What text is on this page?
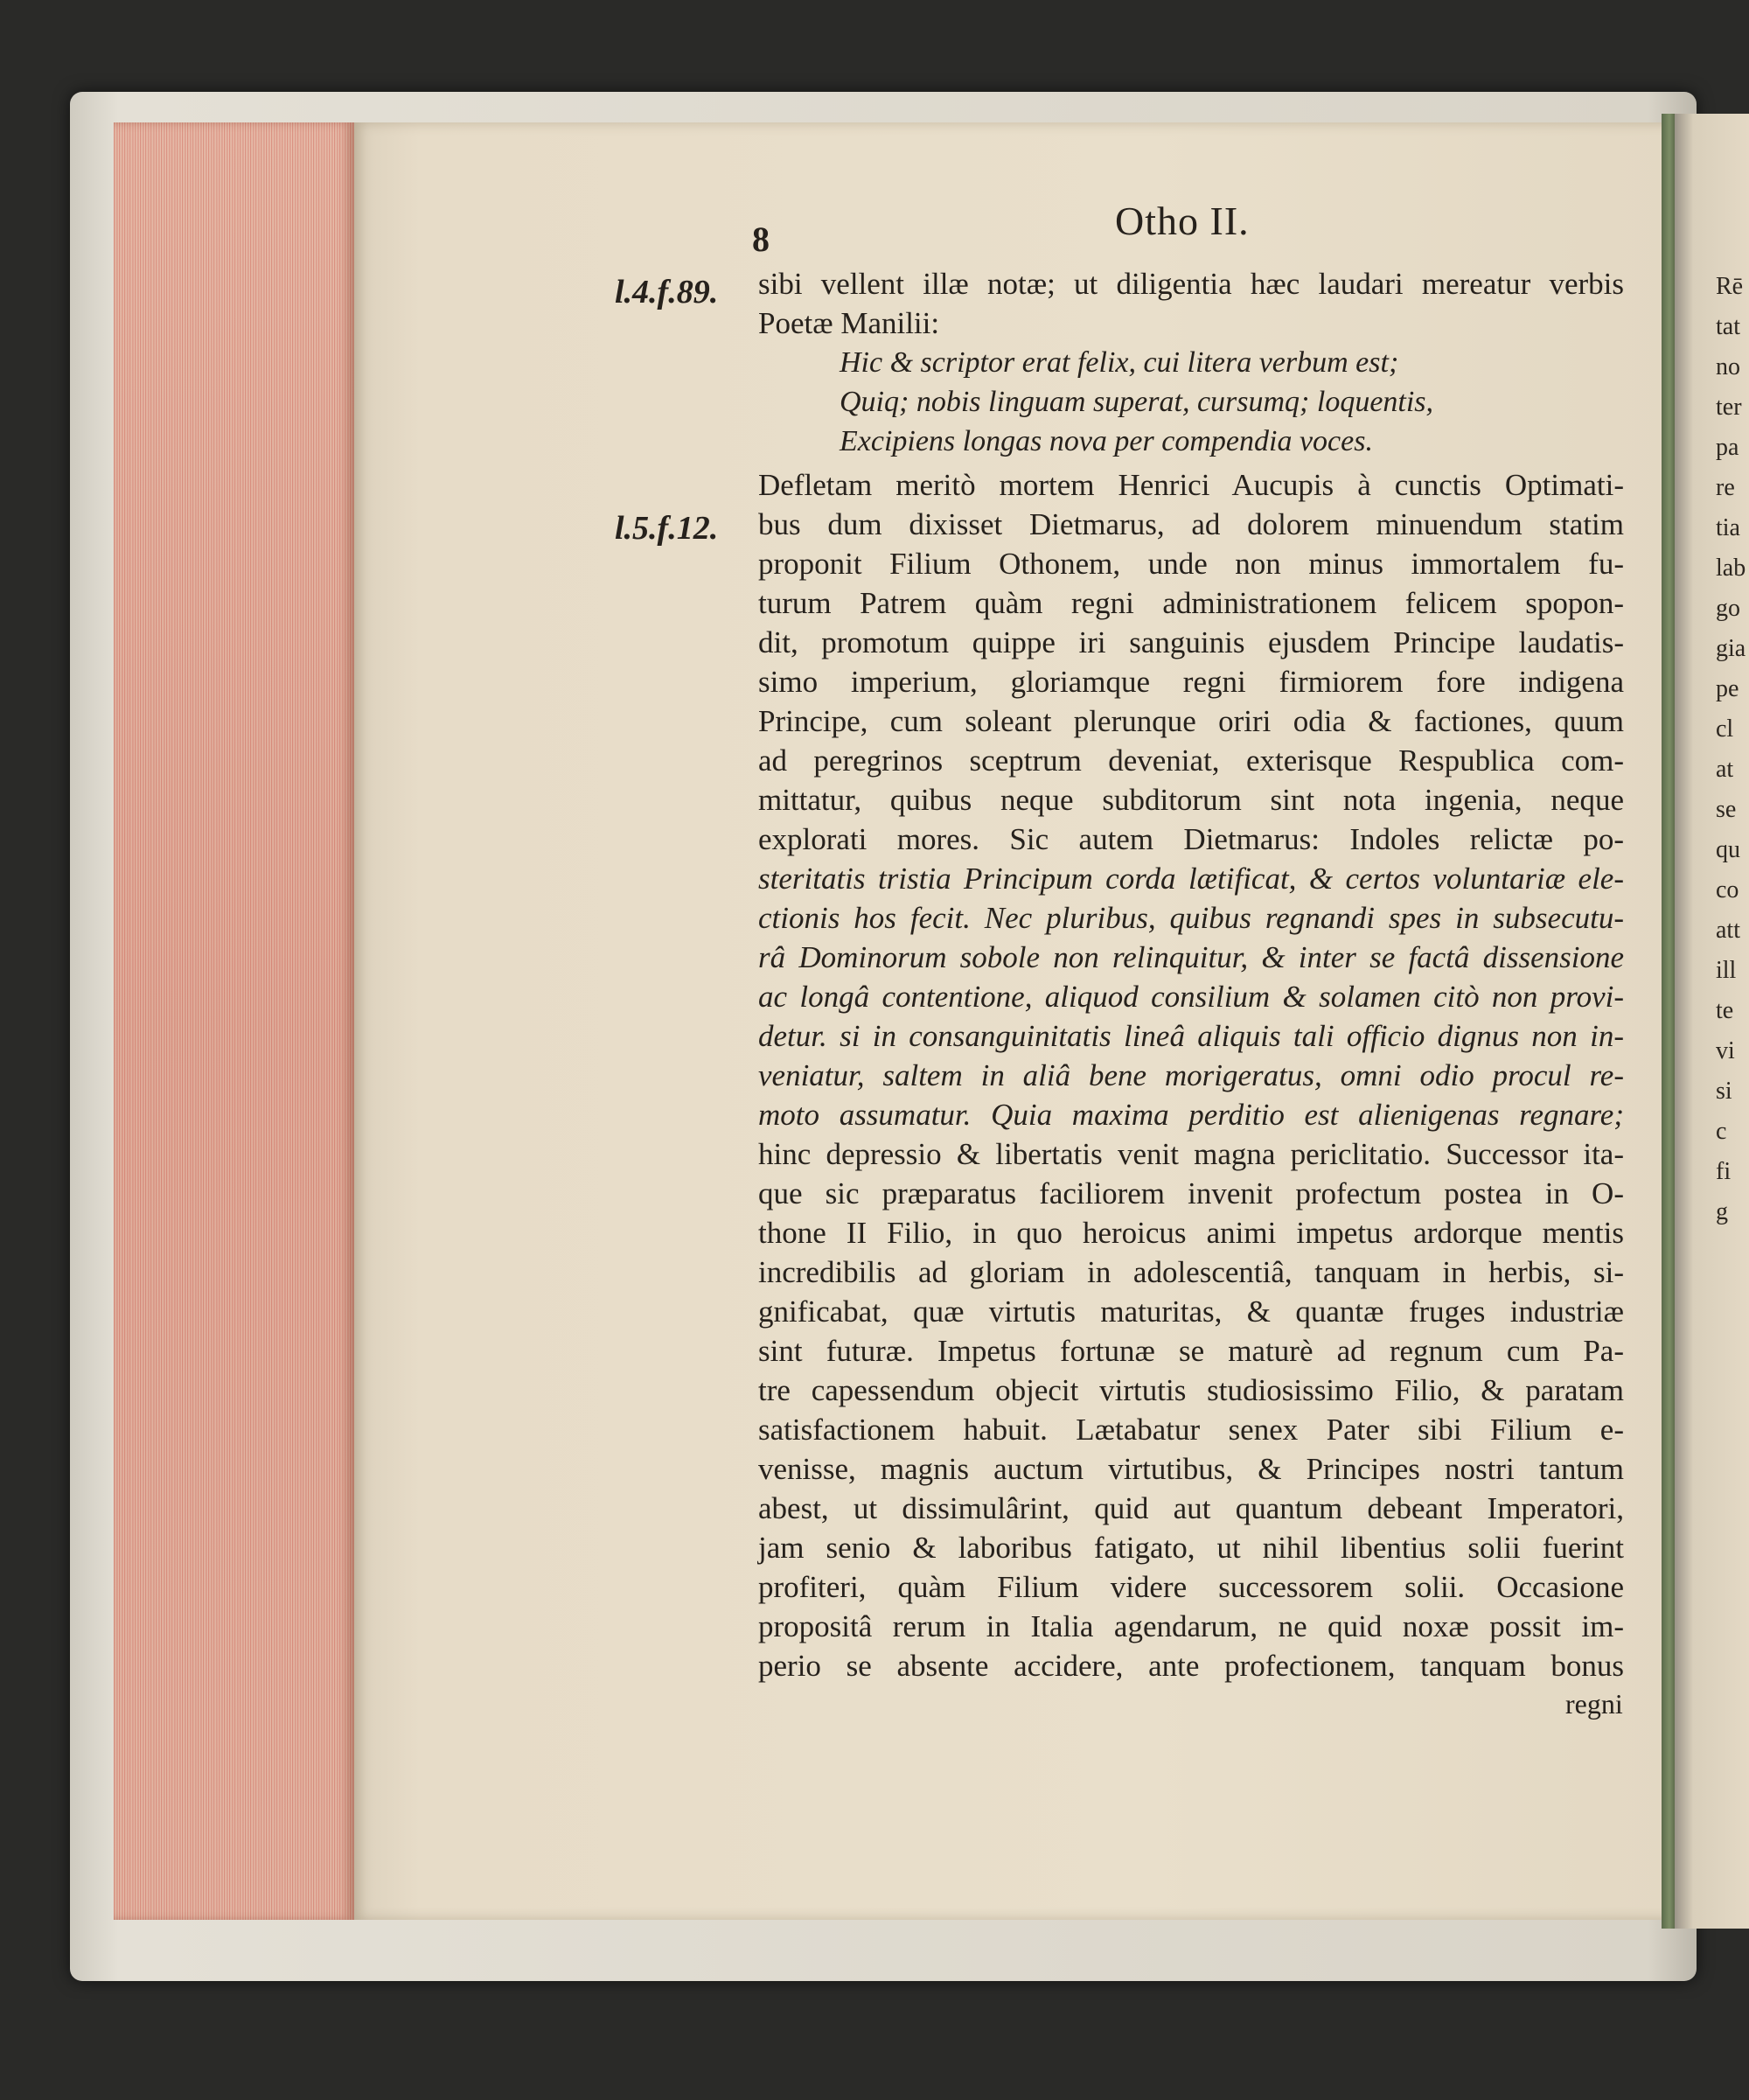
8	Otho II.
l.4.f.89.
l.5.f.12.
sibi vellent illæ notæ; ut diligentia hæc laudari mereatur verbis
Poetæ Manilii:
Hic & scriptor erat felix, cui litera verbum est;
Quiq; nobis linguam superat, cursumq; loquentis,
Excipiens longas nova per compendia voces.
Defletam meritò mortem Henrici Aucupis à cunctis Optimati-
bus dum dixisset Dietmarus, ad dolorem minuendum statim
proponit Filium Othonem, unde non minus immortalem fu-
turum Patrem quàm regni administrationem felicem spopon-
dit, promotum quippe iri sanguinis ejusdem Principe laudatis-
simo imperium, gloriamque regni firmiorem fore indigena
Principe, cum soleant plerunque oriri odia & factiones, quum
ad peregrinos sceptrum deveniat, exterisque Respublica com-
mittatur, quibus neque subditorum sint nota ingenia, neque
explorati mores. Sic autem Dietmarus: Indoles relictæ po-
steritatis tristia Principum corda lætificat, & certos voluntariæ ele-
ctionis hos fecit. Nec pluribus, quibus regnandi spes in subsecutu-
râ Dominorum sobole non relinquitur, & inter se factâ dissensione
ac longâ contentione, aliquod consilium & solamen citò non provi-
detur. si in consanguinitatis lineâ aliquis tali officio dignus non in-
veniatur, saltem in aliâ bene morigeratus, omni odio procul re-
moto assumatur. Quia maxima perditio est alienigenas regnare;
hinc depressio & libertatis venit magna periclitatio. Successor ita-
que sic præparatus faciliorem invenit profectum postea in O-
thone II Filio, in quo heroicus animi impetus ardorque mentis
incredibilis ad gloriam in adolescentiâ, tanquam in herbis, si-
gnificabat, quæ virtutis maturitas, & quantæ fruges industriæ
sint futuræ. Impetus fortunæ se maturè ad regnum cum Pa-
tre capessendum objecit virtutis studiosissimo Filio, & paratam
satisfactionem habuit. Lætabatur senex Pater sibi Filium e-
venisse, magnis auctum virtutibus, & Principes nostri tantum
abest, ut dissimulârint, quid aut quantum debeant Imperatori,
jam senio & laboribus fatigato, ut nihil libentius solii fuerint
profiteri, quàm Filium videre successorem solii. Occasione
propositâ rerum in Italia agendarum, ne quid noxæ possit im-
perio se absente accidere, ante profectionem, tanquam bonus
regni
Rē
tat
no
ter
pa
re
tia
lab
go
gia
pe
cl
at
se
qu
co
att
ill
te
vi
si
c
fi
g
